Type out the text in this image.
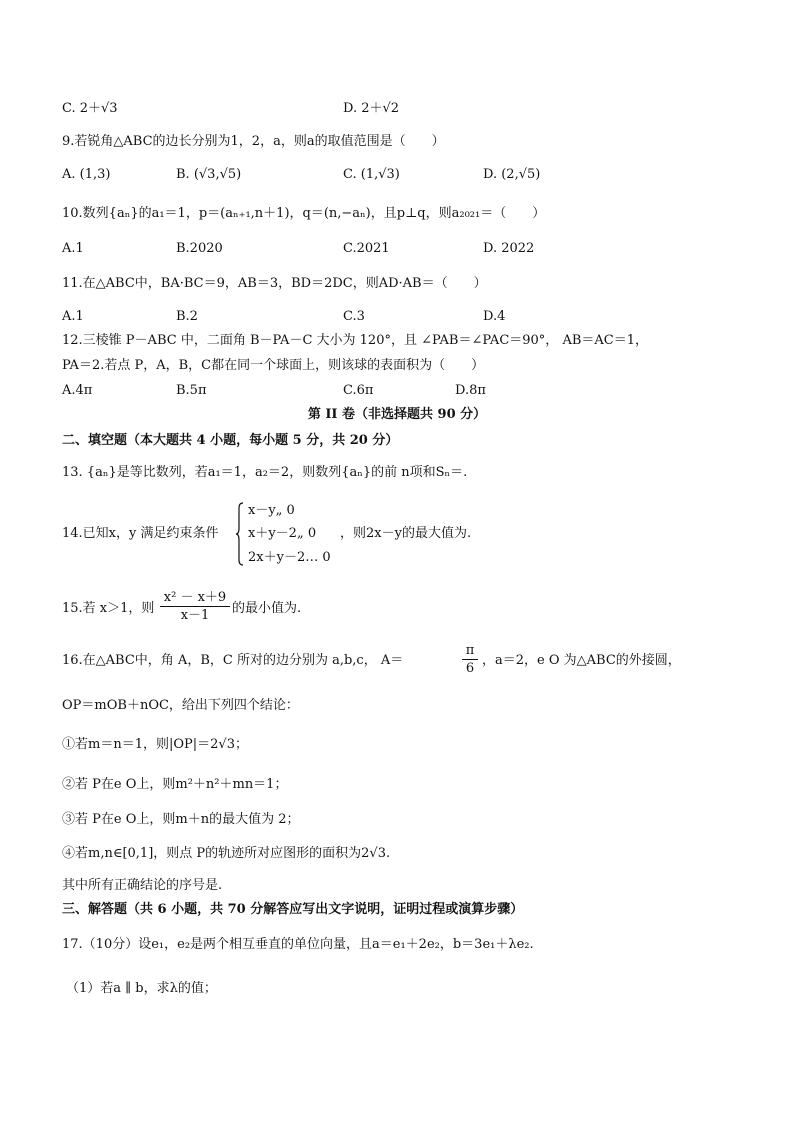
C. 2＋√3	D. 2＋√2
9.若锐角△ABC的边长分别为1，2，a，则a的取值范围是（　　）
A. (1,3)	B. (√3,√5)	C. (1,√3)	D. (2,√5)
10.数列{aₙ}的a₁＝1，p＝(aₙ₊₁,n＋1)，q＝(n,−aₙ)，且p⊥q，则a₂₀₂₁＝（　　）
A.1	B.2020	C.2021	D. 2022
11.在△ABC中，BA·BC＝9，AB＝3，BD＝2DC，则AD·AB＝（　　）
A.1	B.2	C.3	D.4
12.三棱锥 P－ABC 中，二面角 B－PA－C 大小为 120°，且 ∠PAB＝∠PAC＝90°， AB＝AC＝1，
PA＝2.若点 P，A，B，C都在同一个球面上，则该球的表面积为（　　）
A.4π	B.5π	C.6π	D.8π
第 II 卷（非选择题共 90 分）
二、填空题（本大题共 4 小题，每小题 5 分，共 20 分）
13. {aₙ}是等比数列，若a₁＝1，a₂＝2，则数列{aₙ}的前 n项和Sₙ＝.
14.已知x，y 满足约束条件
x－y„ 0
x＋y－2„ 0
2x＋y－2… 0
，则2x－y的最大值为.
15.若 x＞1，则 $\frac{\text{x² － x＋9}}{x-1}$ 的最小值为.
16.在△ABC中，角 A，B，C 所对的边分别为 a,b,c， A＝	$\frac{\pi}{6}$ ，a＝2，e O 为△ABC的外接圆，
OP＝mOB＋nOC，给出下列四个结论：
①若m＝n＝1，则|OP|＝2√3；
②若 P在e O上，则m²＋n²＋mn＝1；
③若 P在e O上，则m＋n的最大值为 2；
④若m,n∈[0,1]，则点 P的轨迹所对应图形的面积为2√3.
其中所有正确结论的序号是.
三、解答题（共 6 小题，共 70 分解答应写出文字说明，证明过程或演算步骤）
17.（10分）设e₁，e₂是两个相互垂直的单位向量，且a＝e₁＋2e₂，b＝3e₁＋λe₂.
（1）若a ∥ b，求λ的值；
